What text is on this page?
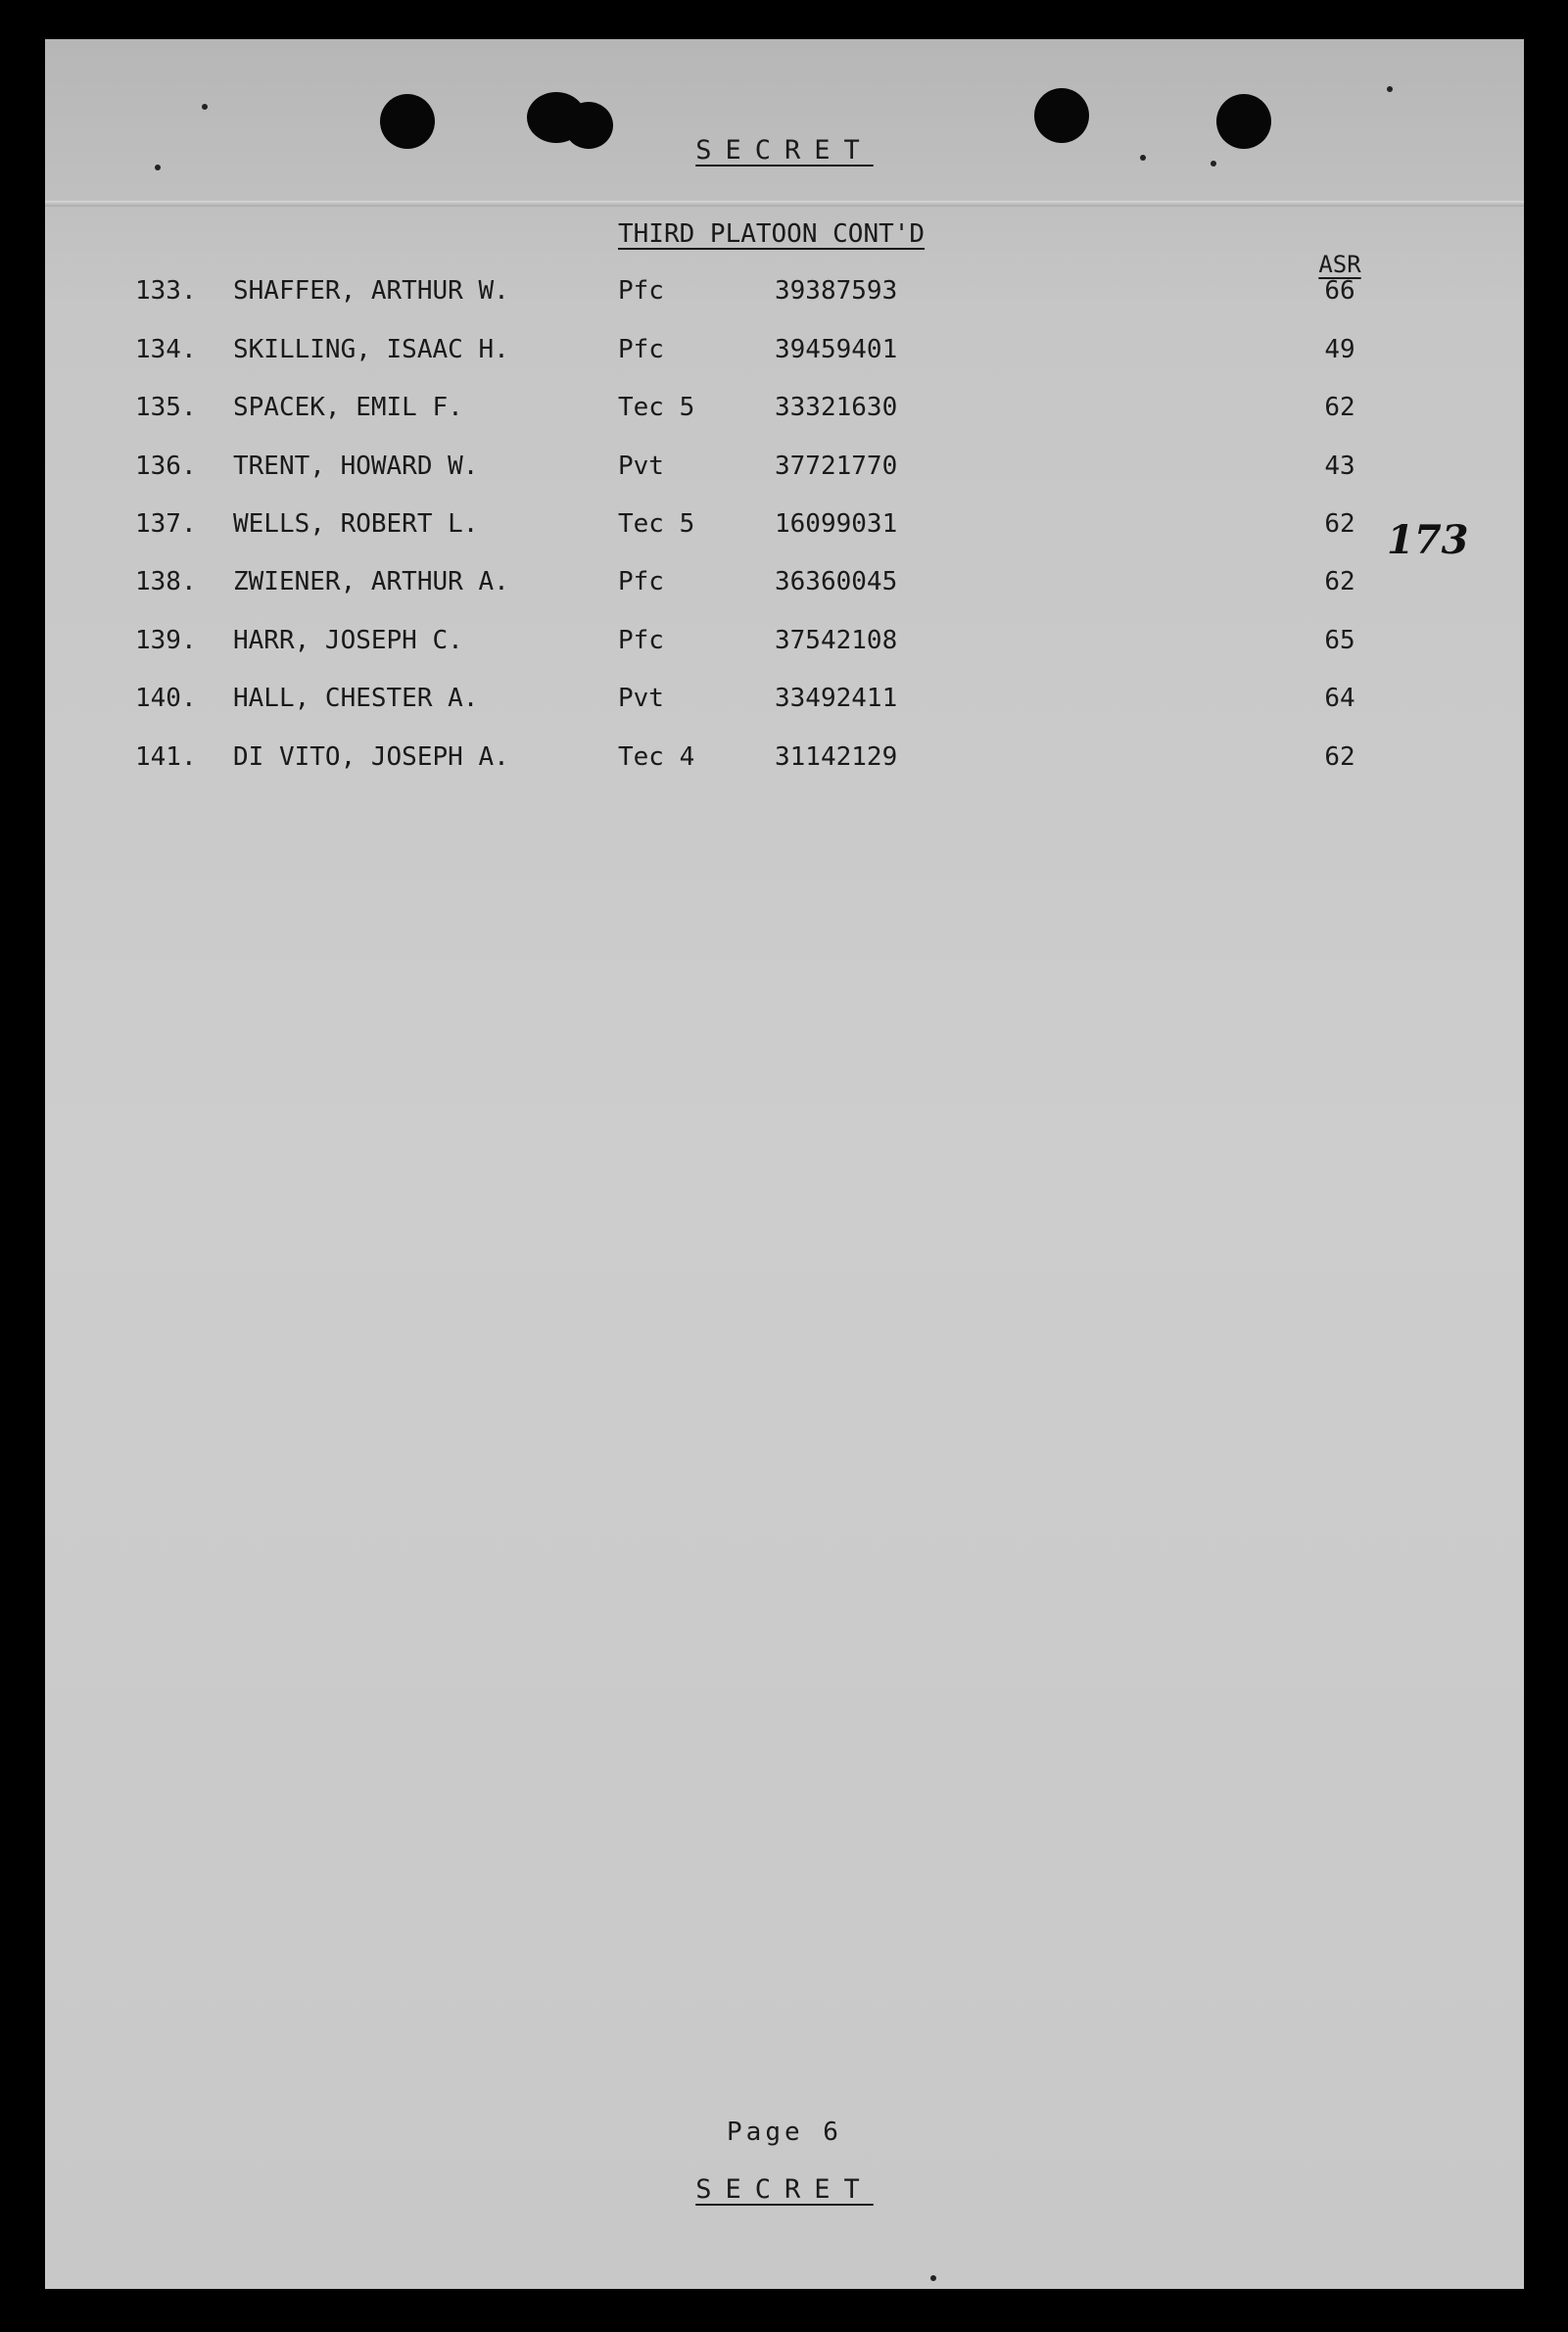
SECRET
THIRD PLATOON CONT'D
ASR
133. SHAFFER, ARTHUR W.	Pfc	39387593	66
134. SKILLING, ISAAC H.	Pfc	39459401	49
135. SPACEK, EMIL F.	Tec 5	33321630	62
136. TRENT, HOWARD W.	Pvt	37721770	43
137. WELLS, ROBERT L.	Tec 5	16099031	62
138. ZWIENER, ARTHUR A.	Pfc	36360045	62
139. HARR, JOSEPH C.	Pfc	37542108	65
140. HALL, CHESTER A.	Pvt	33492411	64
141. DI VITO, JOSEPH A.	Tec 4	31142129	62
173
Page 6
SECRET
